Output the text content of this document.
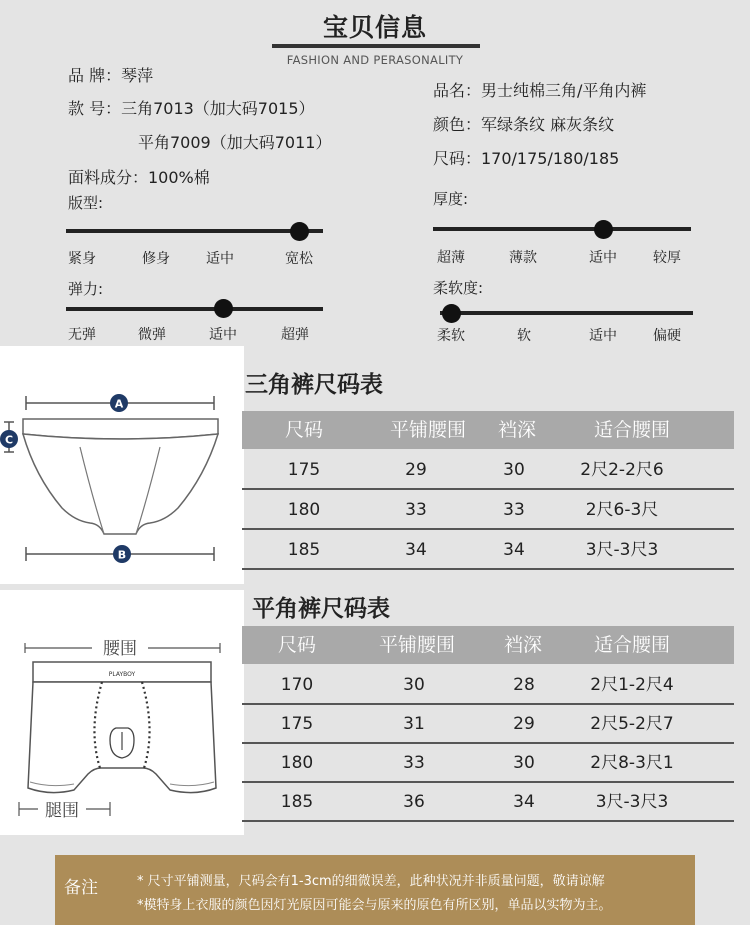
宝贝信息
FASHION AND PERASONALITY
品 牌：琴萍
款 号：三角7013（加大码7015）
平角7009（加大码7011）
面料成分：100%棉
品名：男士纯棉三角/平角内裤
颜色：军绿条纹 麻灰条纹
尺码：170/175/180/185
版型:
紧身	修身	适中	宽松
厚度:
超薄	薄款	适中	较厚
弹力:
无弹	微弹	适中	超弹
柔软度:
柔软	软	适中	偏硬
A
C
B
腰围
PLAYBOY
腿围
三角裤尺码表
尺码	平铺腰围	裆深	适合腰围
175	29	30	2尺2-2尺6
180	33	33	2尺6-3尺
185	34	34	3尺-3尺3
平角裤尺码表
尺码	平铺腰围	裆深	适合腰围
170	30	28	2尺1-2尺4
175	31	29	2尺5-2尺7
180	33	30	2尺8-3尺1
185	36	34	3尺-3尺3
备注	* 尺寸平铺测量，尺码会有1-3cm的细微误差，此种状况并非质量问题，敬请谅解
*模特身上衣服的颜色因灯光原因可能会与原来的原色有所区别，单品以实物为主。
